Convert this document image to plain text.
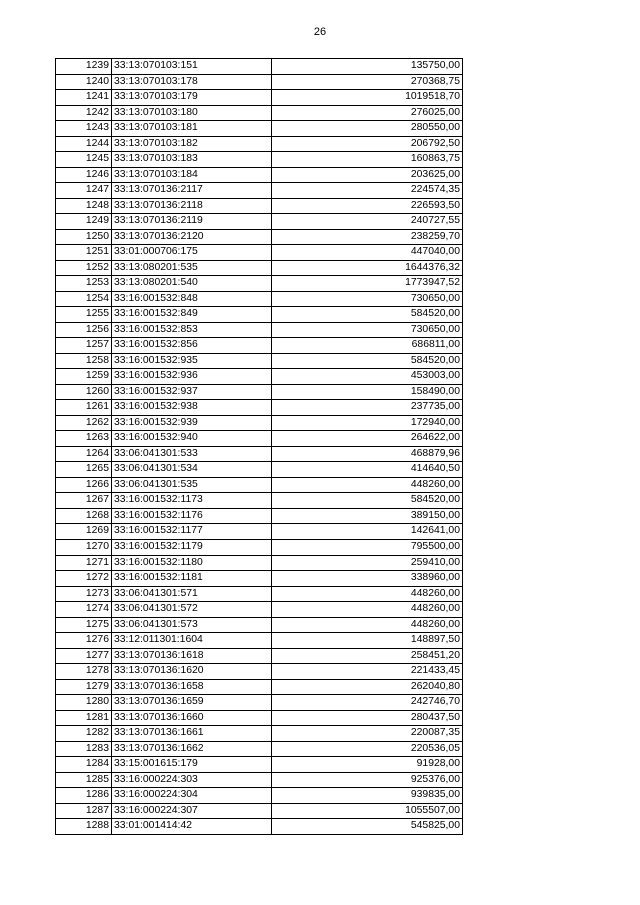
26
1239	33:13:070103:151	135750,00
1240	33:13:070103:178	270368,75
1241	33:13:070103:179	1019518,70
1242	33:13:070103:180	276025,00
1243	33:13:070103:181	280550,00
1244	33:13:070103:182	206792,50
1245	33:13:070103:183	160863,75
1246	33:13:070103:184	203625,00
1247	33:13:070136:2117	224574,35
1248	33:13:070136:2118	226593,50
1249	33:13:070136:2119	240727,55
1250	33:13:070136:2120	238259,70
1251	33:01:000706:175	447040,00
1252	33:13:080201:535	1644376,32
1253	33:13:080201:540	1773947,52
1254	33:16:001532:848	730650,00
1255	33:16:001532:849	584520,00
1256	33:16:001532:853	730650,00
1257	33:16:001532:856	686811,00
1258	33:16:001532:935	584520,00
1259	33:16:001532:936	453003,00
1260	33:16:001532:937	158490,00
1261	33:16:001532:938	237735,00
1262	33:16:001532:939	172940,00
1263	33:16:001532:940	264622,00
1264	33:06:041301:533	468879,96
1265	33:06:041301:534	414640,50
1266	33:06:041301:535	448260,00
1267	33:16:001532:1173	584520,00
1268	33:16:001532:1176	389150,00
1269	33:16:001532:1177	142641,00
1270	33:16:001532:1179	795500,00
1271	33:16:001532:1180	259410,00
1272	33:16:001532:1181	338960,00
1273	33:06:041301:571	448260,00
1274	33:06:041301:572	448260,00
1275	33:06:041301:573	448260,00
1276	33:12:011301:1604	148897,50
1277	33:13:070136:1618	258451,20
1278	33:13:070136:1620	221433,45
1279	33:13:070136:1658	262040,80
1280	33:13:070136:1659	242746,70
1281	33:13:070136:1660	280437,50
1282	33:13:070136:1661	220087,35
1283	33:13:070136:1662	220536,05
1284	33:15:001615:179	91928,00
1285	33:16:000224:303	925376,00
1286	33:16:000224:304	939835,00
1287	33:16:000224:307	1055507,00
1288	33:01:001414:42	545825,00
